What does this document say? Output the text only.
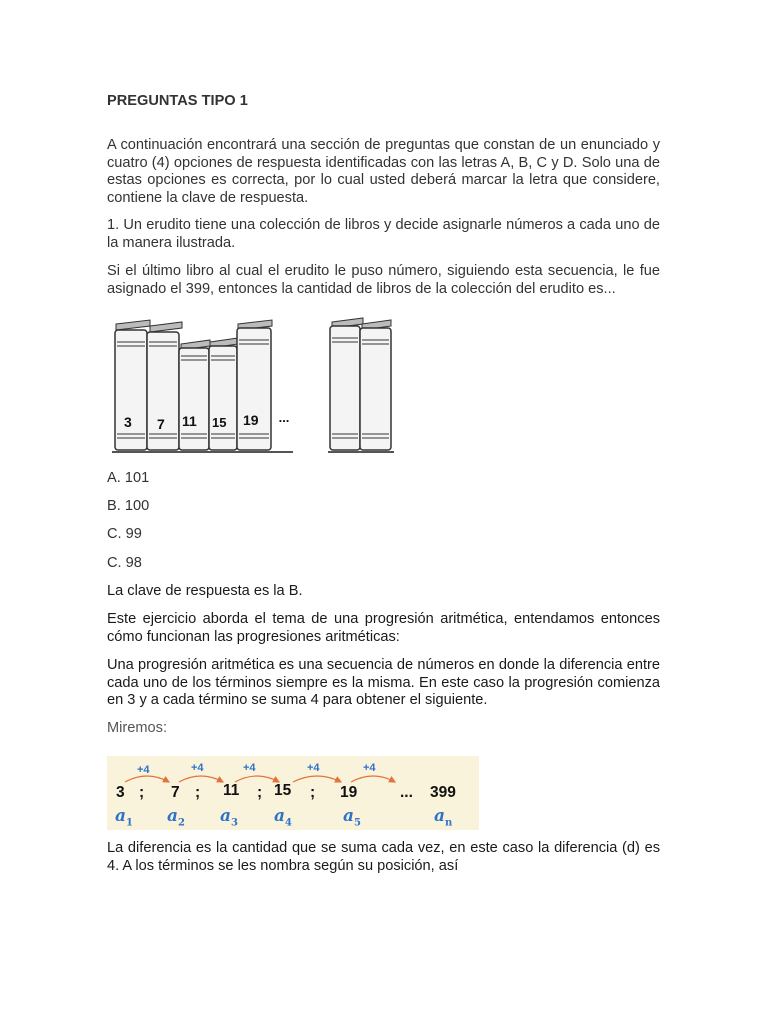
PREGUNTAS TIPO 1

A continuación encontrará una sección de preguntas que constan de un enunciado y cuatro (4) opciones de respuesta identificadas con las letras A, B, C y D. Solo una de estas opciones es correcta, por lo cual usted deberá marcar la letra que considere, contiene la clave de respuesta.

1. Un erudito tiene una colección de libros y decide asignarle números a cada uno de la manera ilustrada.

Si el último libro al cual el erudito le puso número, siguiendo esta secuencia, le fue asignado el 399, entonces la cantidad de libros de la colección del erudito es...

3 7 11 15 19 ...

A. 101

B. 100

C. 99

C. 98

La clave de respuesta es la B.

Este ejercicio aborda el tema de una progresión aritmética, entendamos entonces cómo funcionan las progresiones aritméticas:

Una progresión aritmética es una secuencia de números en donde la diferencia entre cada uno de los términos siempre es la misma. En este caso la progresión comienza en 3 y a cada término se suma 4 para obtener el siguiente.

Miremos:

+4	+4	+4	+4	+4
3 ; 7 ; 11 ; 15 ; 19	... 399
$a_1$ $a_2$ $a_3$ $a_4$	$a_5$	$a_n$

La diferencia es la cantidad que se suma cada vez, en este caso la diferencia (d) es 4. A los términos se les nombra según su posición, así
